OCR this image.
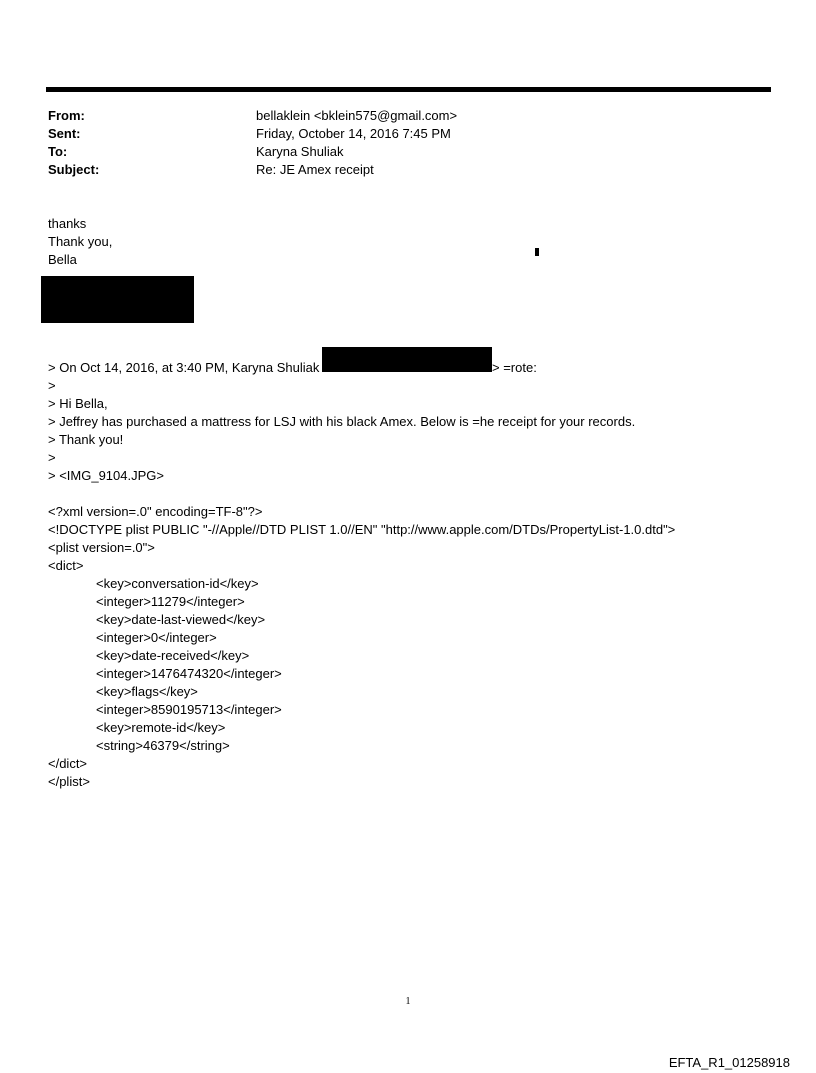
From:	bellaklein <bklein575@gmail.com>
Sent:	Friday, October 14, 2016 7:45 PM
To:	Karyna Shuliak
Subject:	Re: JE Amex receipt
thanks
Thank you,
Bella
> On Oct 14, 2016, at 3:40 PM, Karyna Shuliak	> =rote:
>
> Hi Bella,
> Jeffrey has purchased a mattress for LSJ with his black Amex. Below is =he receipt for your records.
> Thank you!
>
> <IMG_9104.JPG>
<?xml version=.0" encoding=TF-8"?>
<!DOCTYPE plist PUBLIC "-//Apple//DTD PLIST 1.0//EN" "http://www.apple.com/DTDs/PropertyList-1.0.dtd">
<plist version=.0">
<dict>
<key>conversation-id</key>
<integer>11279</integer>
<key>date-last-viewed</key>
<integer>0</integer>
<key>date-received</key>
<integer>1476474320</integer>
<key>flags</key>
<integer>8590195713</integer>
<key>remote-id</key>
<string>46379</string>
</dict>
</plist>
1
EFTA_R1_01258918
